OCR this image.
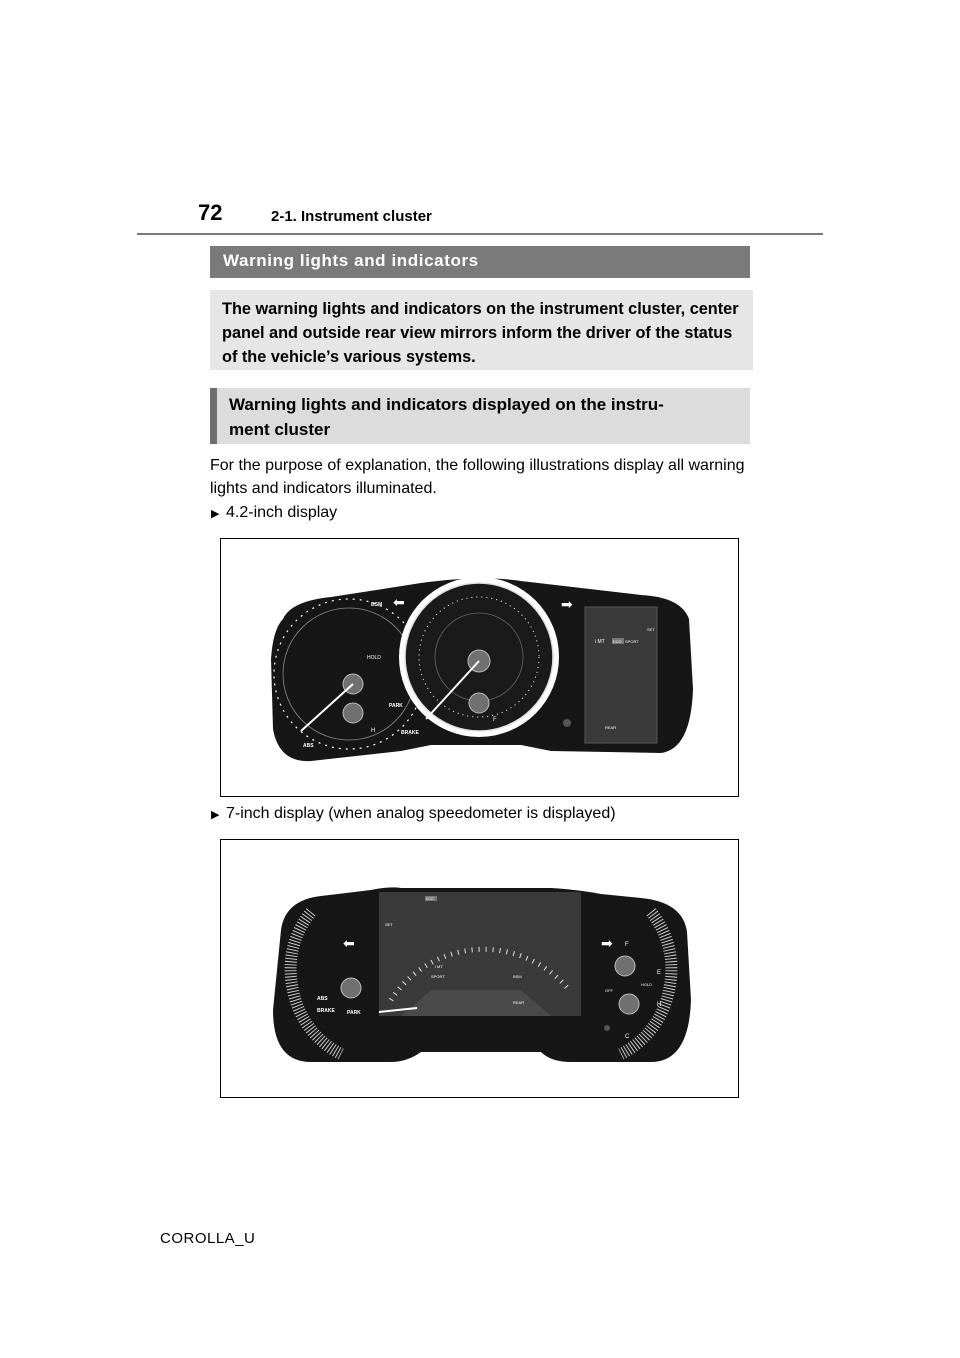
72	2-1. Instrument cluster
Warning lights and indicators
The warning lights and indicators on the instrument cluster, center panel and outside rear view mirrors inform the driver of the status of the vehicle’s various systems.
Warning lights and indicators displayed on the instru-
ment cluster
For the purpose of explanation, the following illustrations display all warning lights and indicators illuminated.
▶ 4.2-inch display
⬅	➡
BSM
HOLD
PARK
BRAKE
ABS
H
F
SET
i MT ECO SPORT
REAR
▶ 7-inch display (when analog speedometer is displayed)
⬅	➡
ABS
BRAKE PARK
SET
ECO
i MT
SPORT	BSM
REAR
HOLD
OFF
F
E
H
C
COROLLA_U
